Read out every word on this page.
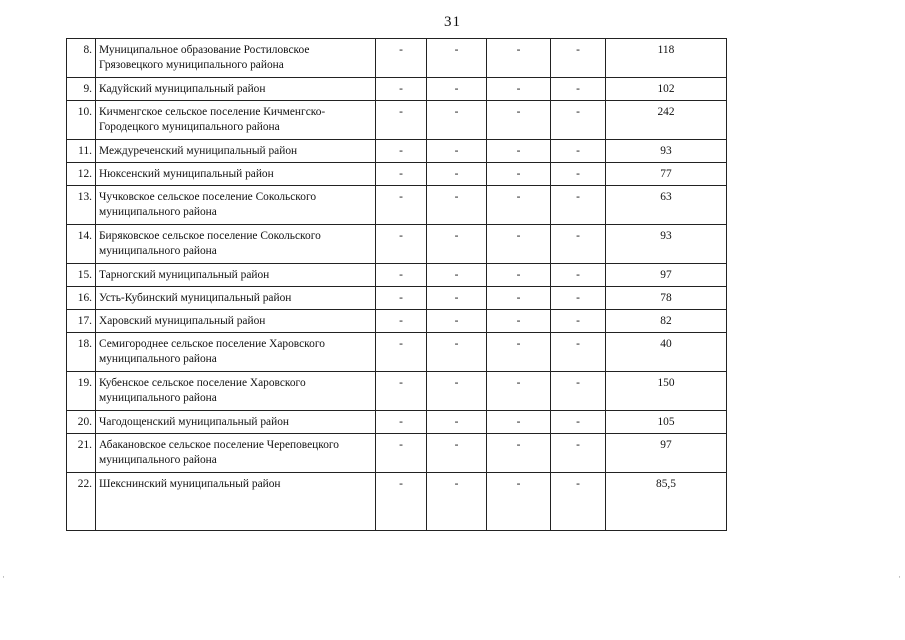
31
8.	Муниципальное образование Ростиловское Грязовецкого муниципального района	-	-	-	-	118
9.	Кадуйский муниципальный район	-	-	-	-	102
10.	Кичменгское сельское поселение Кичменгско-Городецкого муниципального района	-	-	-	-	242
11.	Междуреченский муниципальный район	-	-	-	-	93
12.	Нюксенский муниципальный район	-	-	-	-	77
13.	Чучковское сельское поселение Сокольского муниципального района	-	-	-	-	63
14.	Биряковское сельское поселение Сокольского муниципального района	-	-	-	-	93
15.	Тарногский муниципальный район	-	-	-	-	97
16.	Усть-Кубинский муниципальный район	-	-	-	-	78
17.	Харовский муниципальный район	-	-	-	-	82
18.	Семигороднее сельское поселение Харовского муниципального района	-	-	-	-	40
19.	Кубенское сельское поселение Харовского муниципального района	-	-	-	-	150
20.	Чагодощенский муниципальный район	-	-	-	-	105
21.	Абакановское сельское поселение Череповецкого муниципального района	-	-	-	-	97
22.	Шекснинский муниципальный район	-	-	-	-	85,5
·	·
